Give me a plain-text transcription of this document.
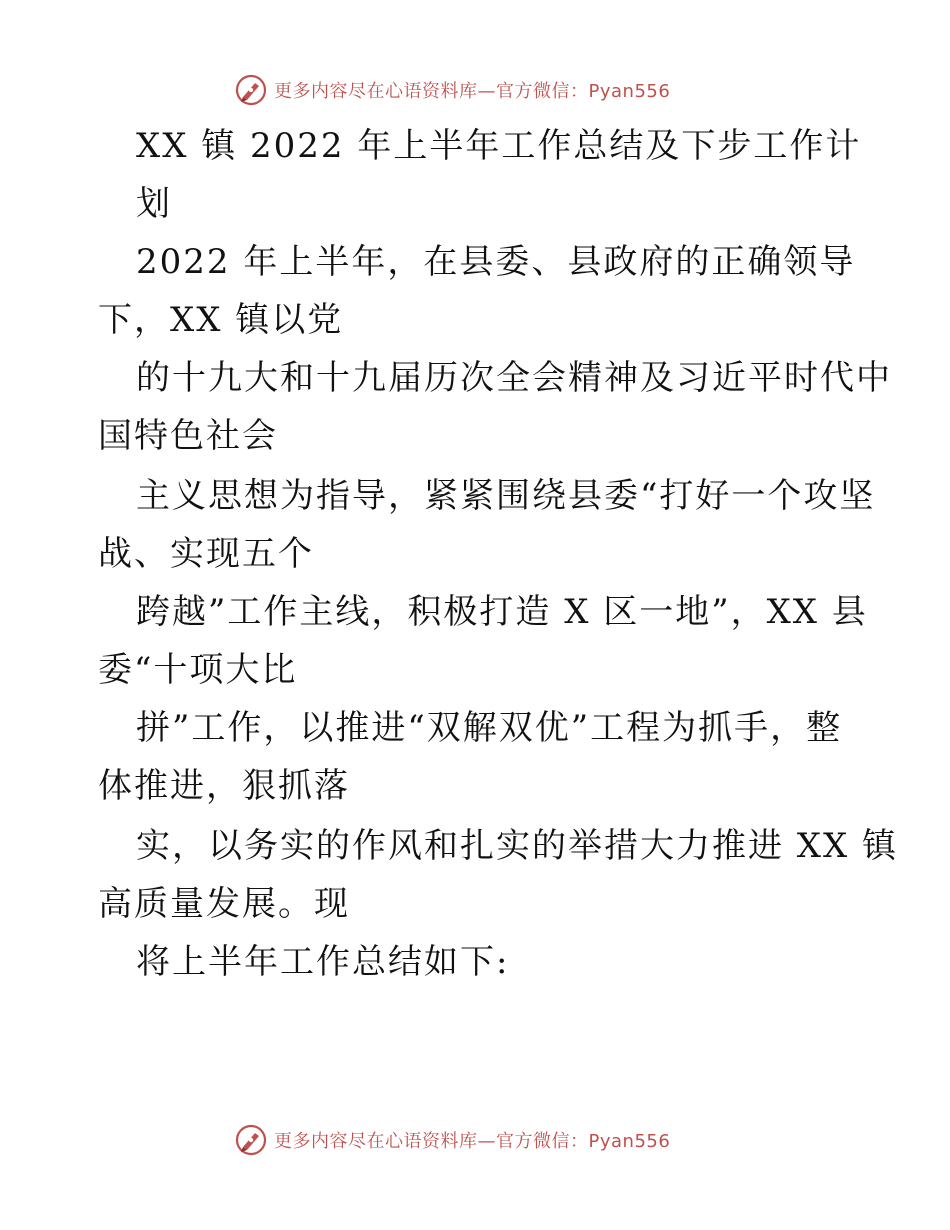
更多内容尽在心语资料库—官方微信：Pyan556
XX 镇 2022 年上半年工作总结及下步工作计
划
2022 年上半年，在县委、县政府的正确领导
下，XX 镇以党
的十九大和十九届历次全会精神及习近平时代中
国特色社会
主义思想为指导，紧紧围绕县委“打好一个攻坚
战、实现五个
跨越”工作主线，积极打造 X 区一地”，XX 县
委“十项大比
拼”工作，以推进“双解双优”工程为抓手，整
体推进，狠抓落
实，以务实的作风和扎实的举措大力推进 XX 镇
高质量发展。现
将上半年工作总结如下:
更多内容尽在心语资料库—官方微信：Pyan556
